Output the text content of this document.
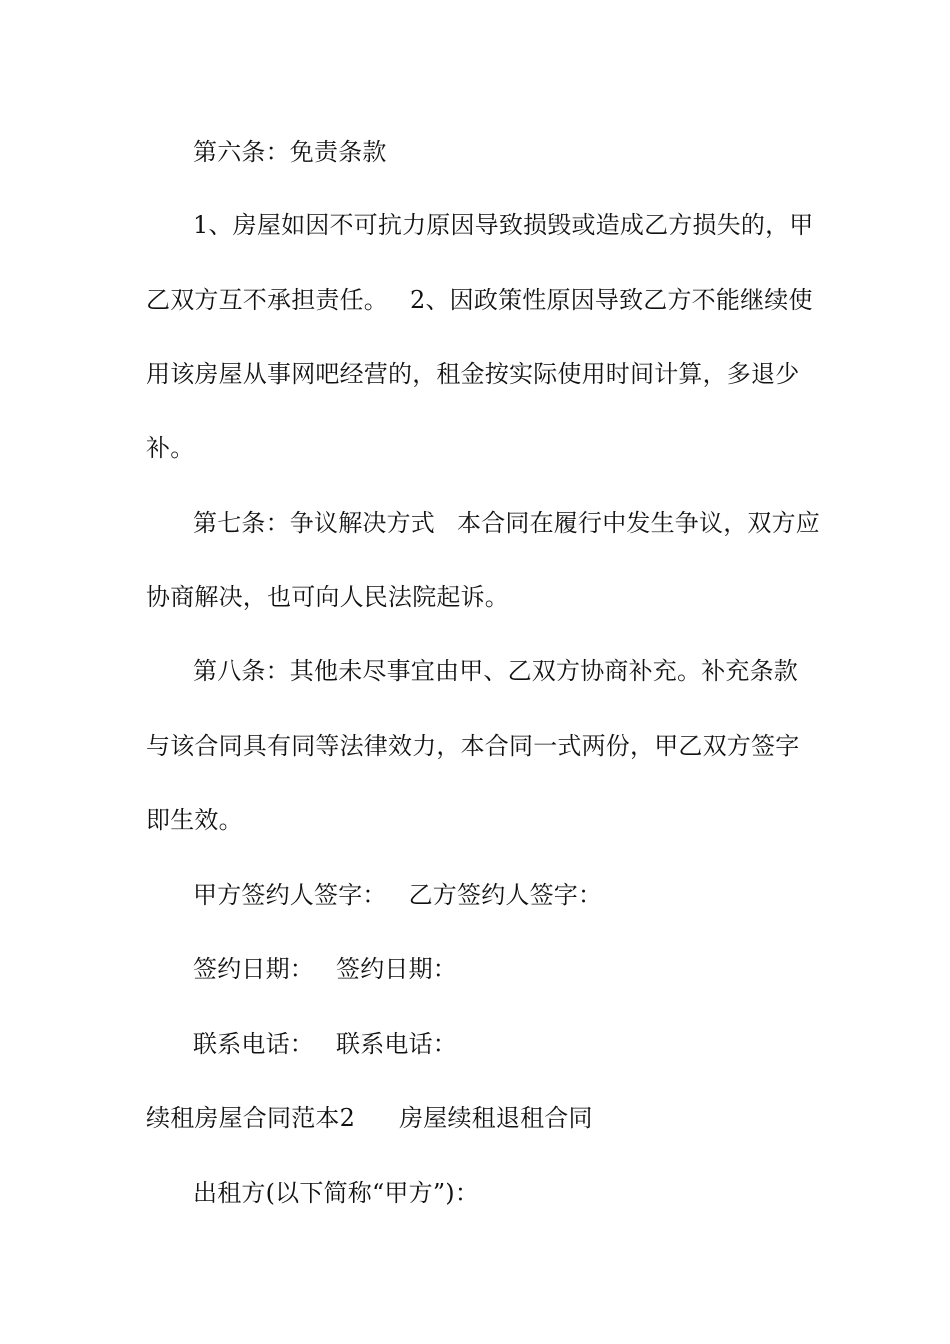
第六条：免责条款
1、房屋如因不可抗力原因导致损毁或造成乙方损失的，甲
乙双方互不承担责任。 2、因政策性原因导致乙方不能继续使
用该房屋从事网吧经营的，租金按实际使用时间计算，多退少
补。
第七条：争议解决方式 本合同在履行中发生争议，双方应
协商解决，也可向人民法院起诉。
第八条：其他未尽事宜由甲、乙双方协商补充。补充条款
与该合同具有同等法律效力，本合同一式两份，甲乙双方签字
即生效。
甲方签约人签字： 乙方签约人签字：
签约日期： 签约日期：
联系电话： 联系电话：
续租房屋合同范本2 房屋续租退租合同
出租方(以下简称“甲方”)：
